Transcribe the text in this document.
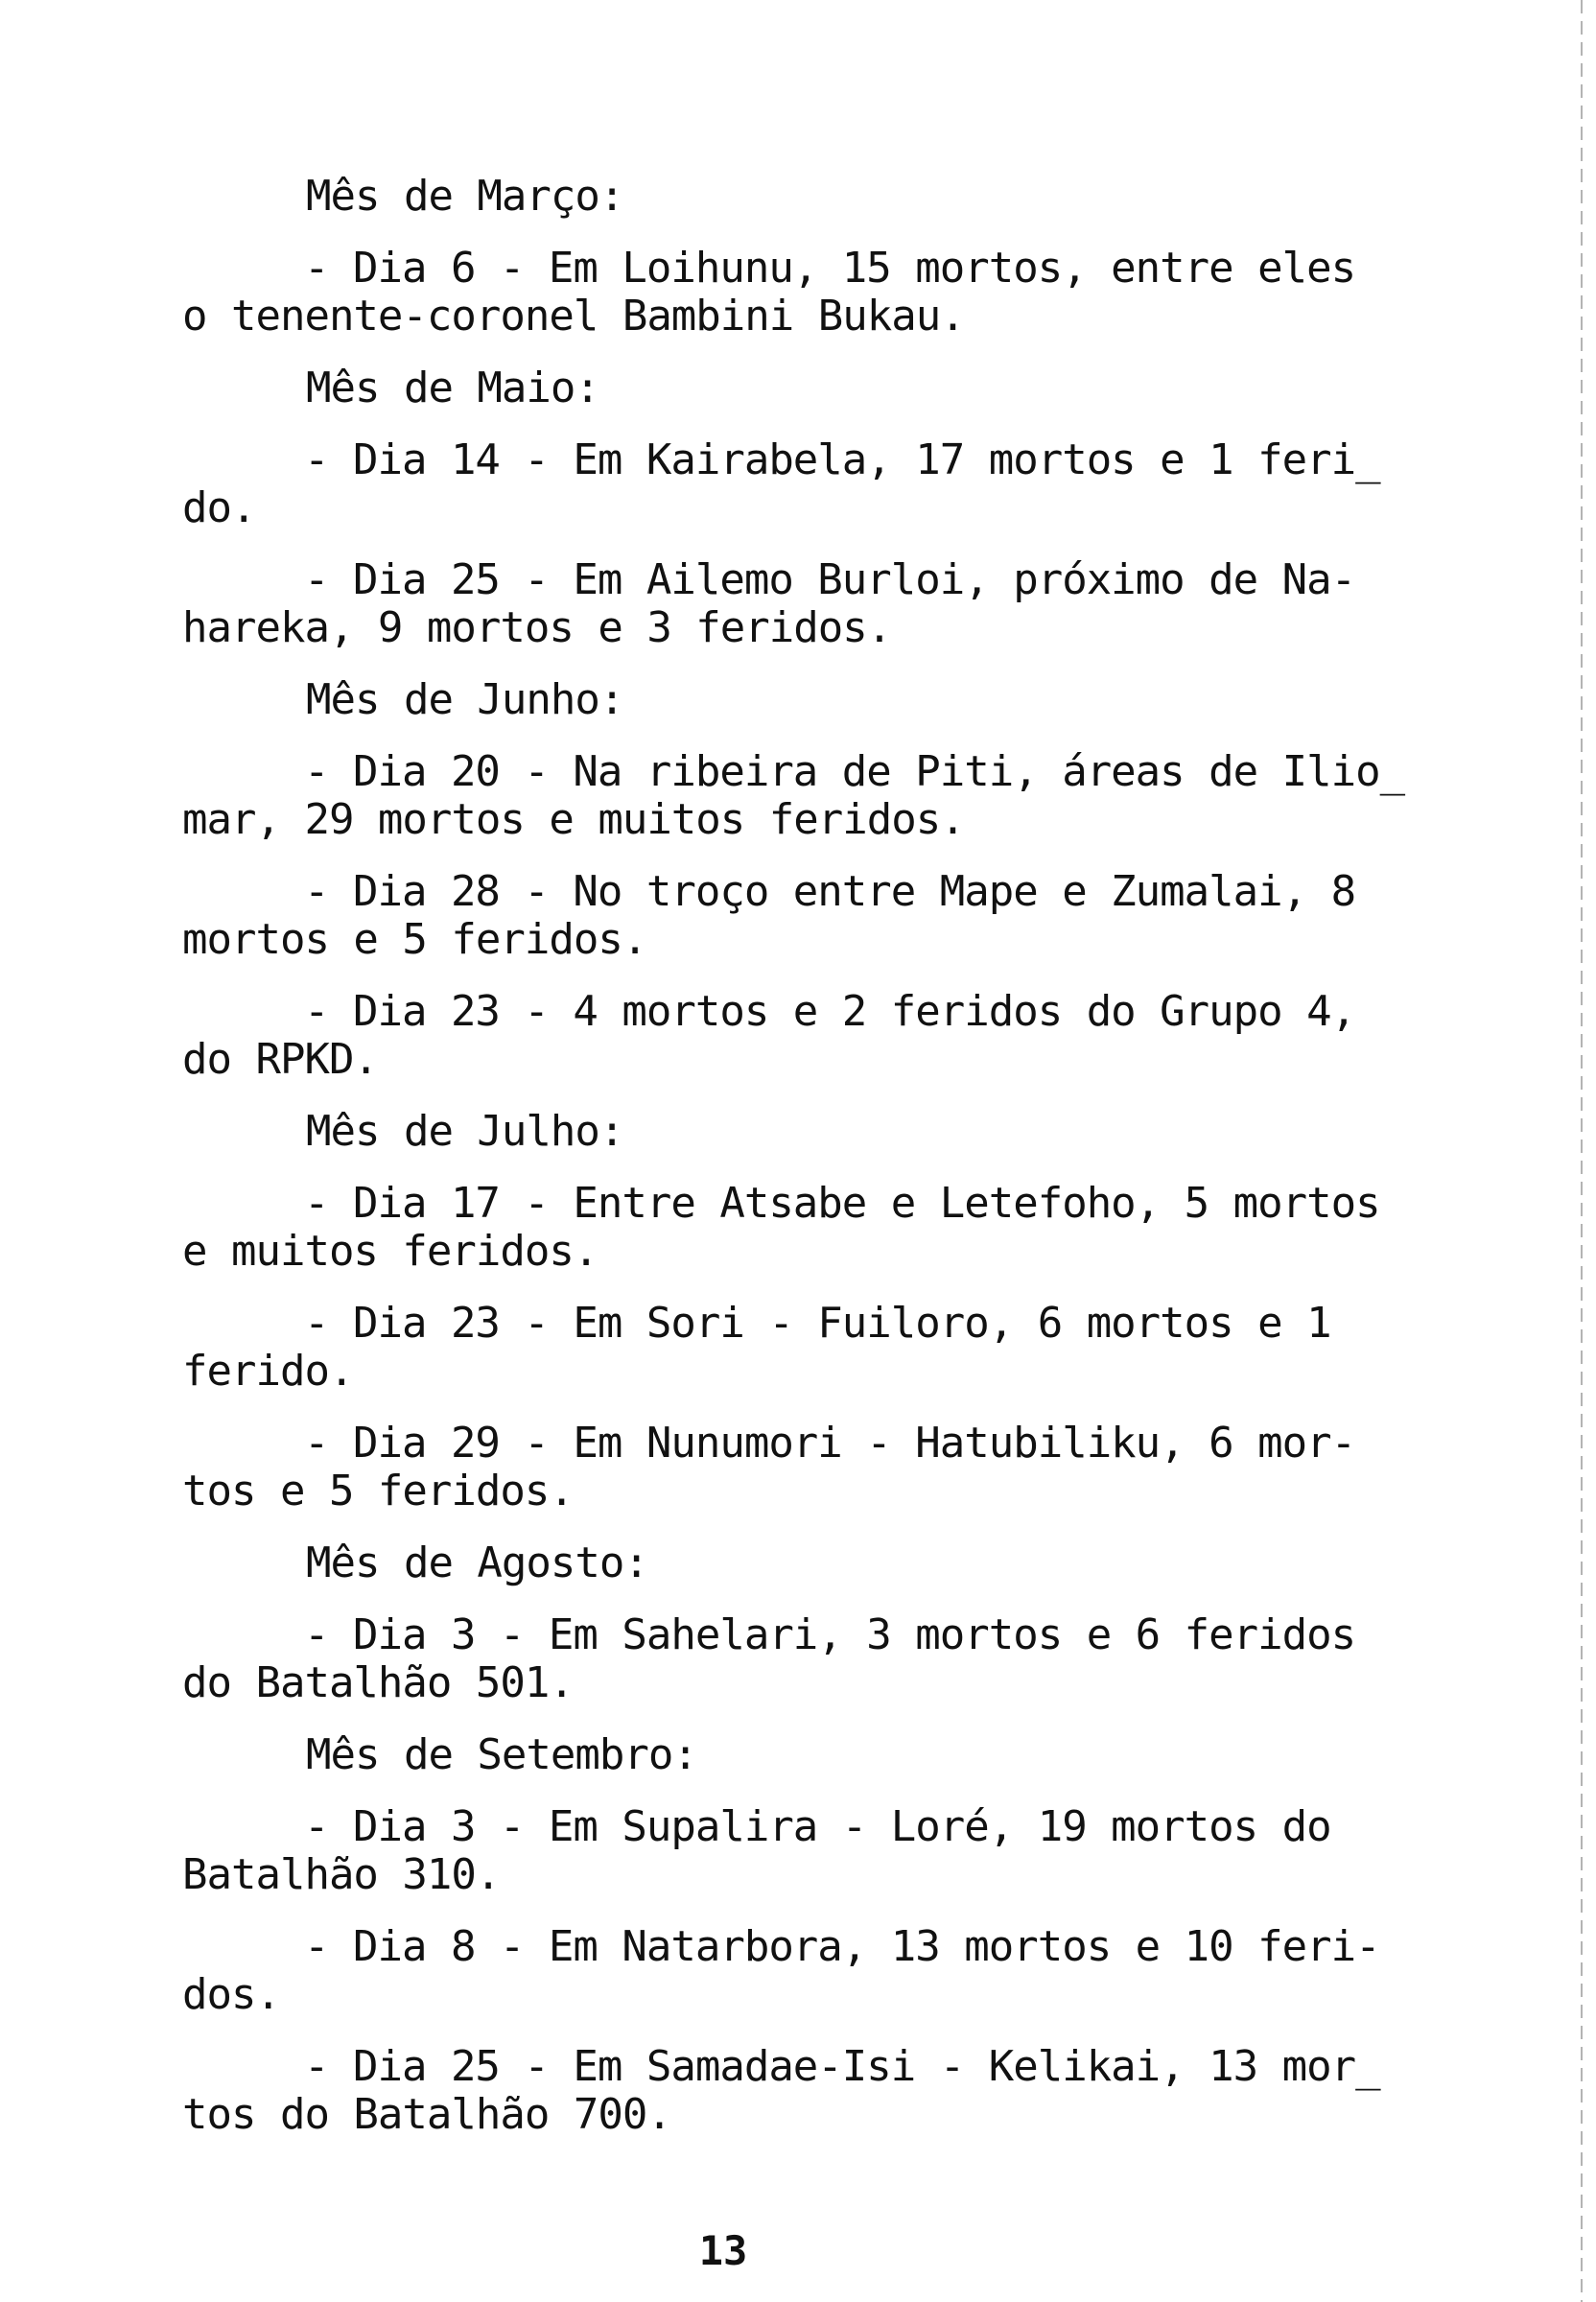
Mês de Março:
- Dia 6 - Em Loihunu, 15 mortos, entre eles
o tenente-coronel Bambini Bukau.
Mês de Maio:
- Dia 14 - Em Kairabela, 17 mortos e 1 feri_
do.
- Dia 25 - Em Ailemo Burloi, próximo de Na-
hareka, 9 mortos e 3 feridos.
Mês de Junho:
- Dia 20 - Na ribeira de Piti, áreas de Ilio_
mar, 29 mortos e muitos feridos.
- Dia 28 - No troço entre Mape e Zumalai, 8
mortos e 5 feridos.
- Dia 23 - 4 mortos e 2 feridos do Grupo 4,
do RPKD.
Mês de Julho:
- Dia 17 - Entre Atsabe e Letefoho, 5 mortos
e muitos feridos.
- Dia 23 - Em Sori - Fuiloro, 6 mortos e 1
ferido.
- Dia 29 - Em Nunumori - Hatubiliku, 6 mor-
tos e 5 feridos.
Mês de Agosto:
- Dia 3 - Em Sahelari, 3 mortos e 6 feridos
do Batalhão 501.
Mês de Setembro:
- Dia 3 - Em Supalira - Loré, 19 mortos do
Batalhão 310.
- Dia 8 - Em Natarbora, 13 mortos e 10 feri-
dos.
- Dia 25 - Em Samadae-Isi - Kelikai, 13 mor_
tos do Batalhão 700.
13
